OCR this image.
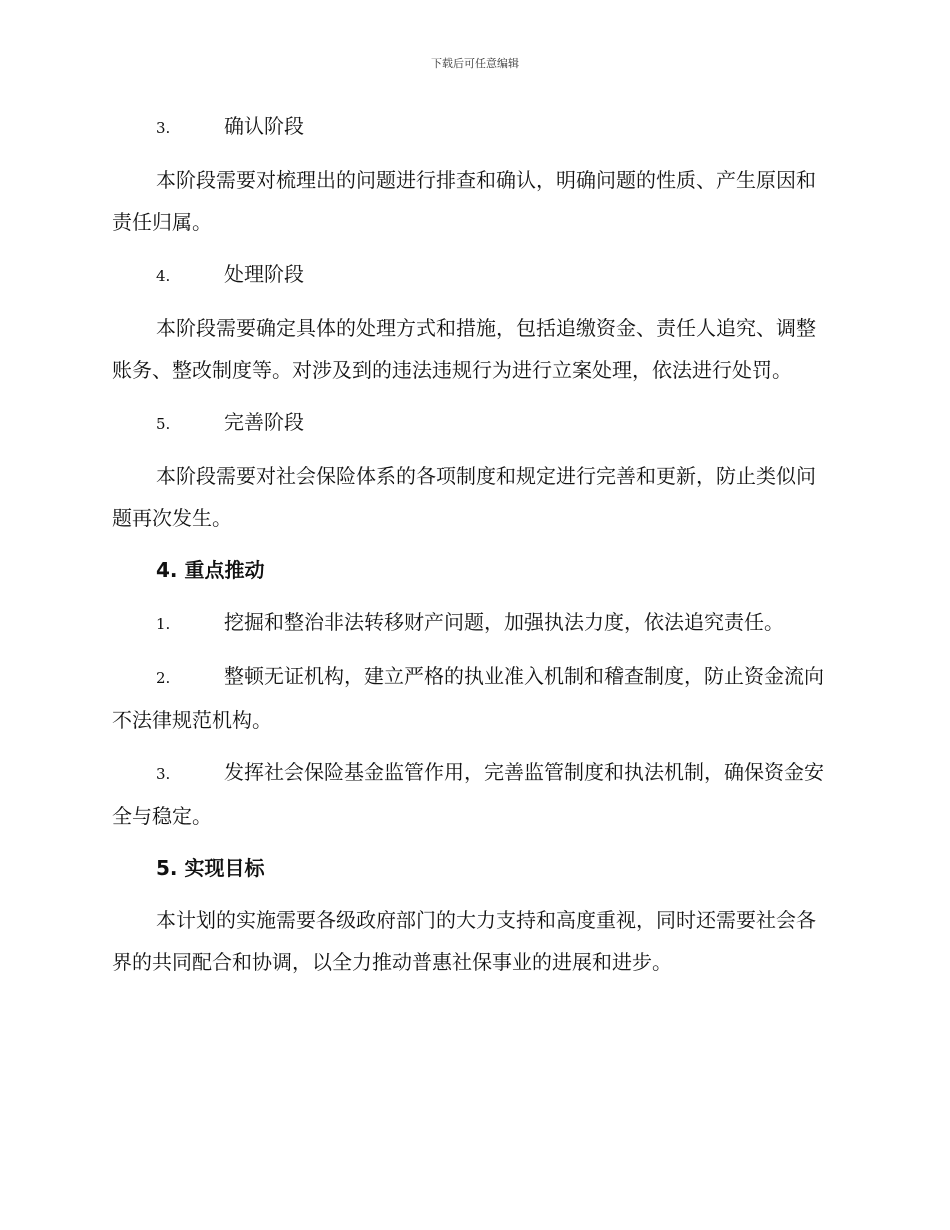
下载后可任意编辑
3.	确认阶段

本阶段需要对梳理出的问题进行排查和确认，明确问题的性质、产生原因和责任归属。

4.	处理阶段

本阶段需要确定具体的处理方式和措施，包括追缴资金、责任人追究、调整账务、整改制度等。对涉及到的违法违规行为进行立案处理，依法进行处罚。

5.	完善阶段

本阶段需要对社会保险体系的各项制度和规定进行完善和更新，防止类似问题再次发生。

4. 重点推动
1.	挖掘和整治非法转移财产问题，加强执法力度，依法追究责任。
2.	整顿无证机构，建立严格的执业准入机制和稽查制度，防止资金流向不法律规范机构。
3.	发挥社会保险基金监管作用，完善监管制度和执法机制，确保资金安全与稳定。
5. 实现目标

本计划的实施需要各级政府部门的大力支持和高度重视，同时还需要社会各界的共同配合和协调，以全力推动普惠社保事业的进展和进步。
